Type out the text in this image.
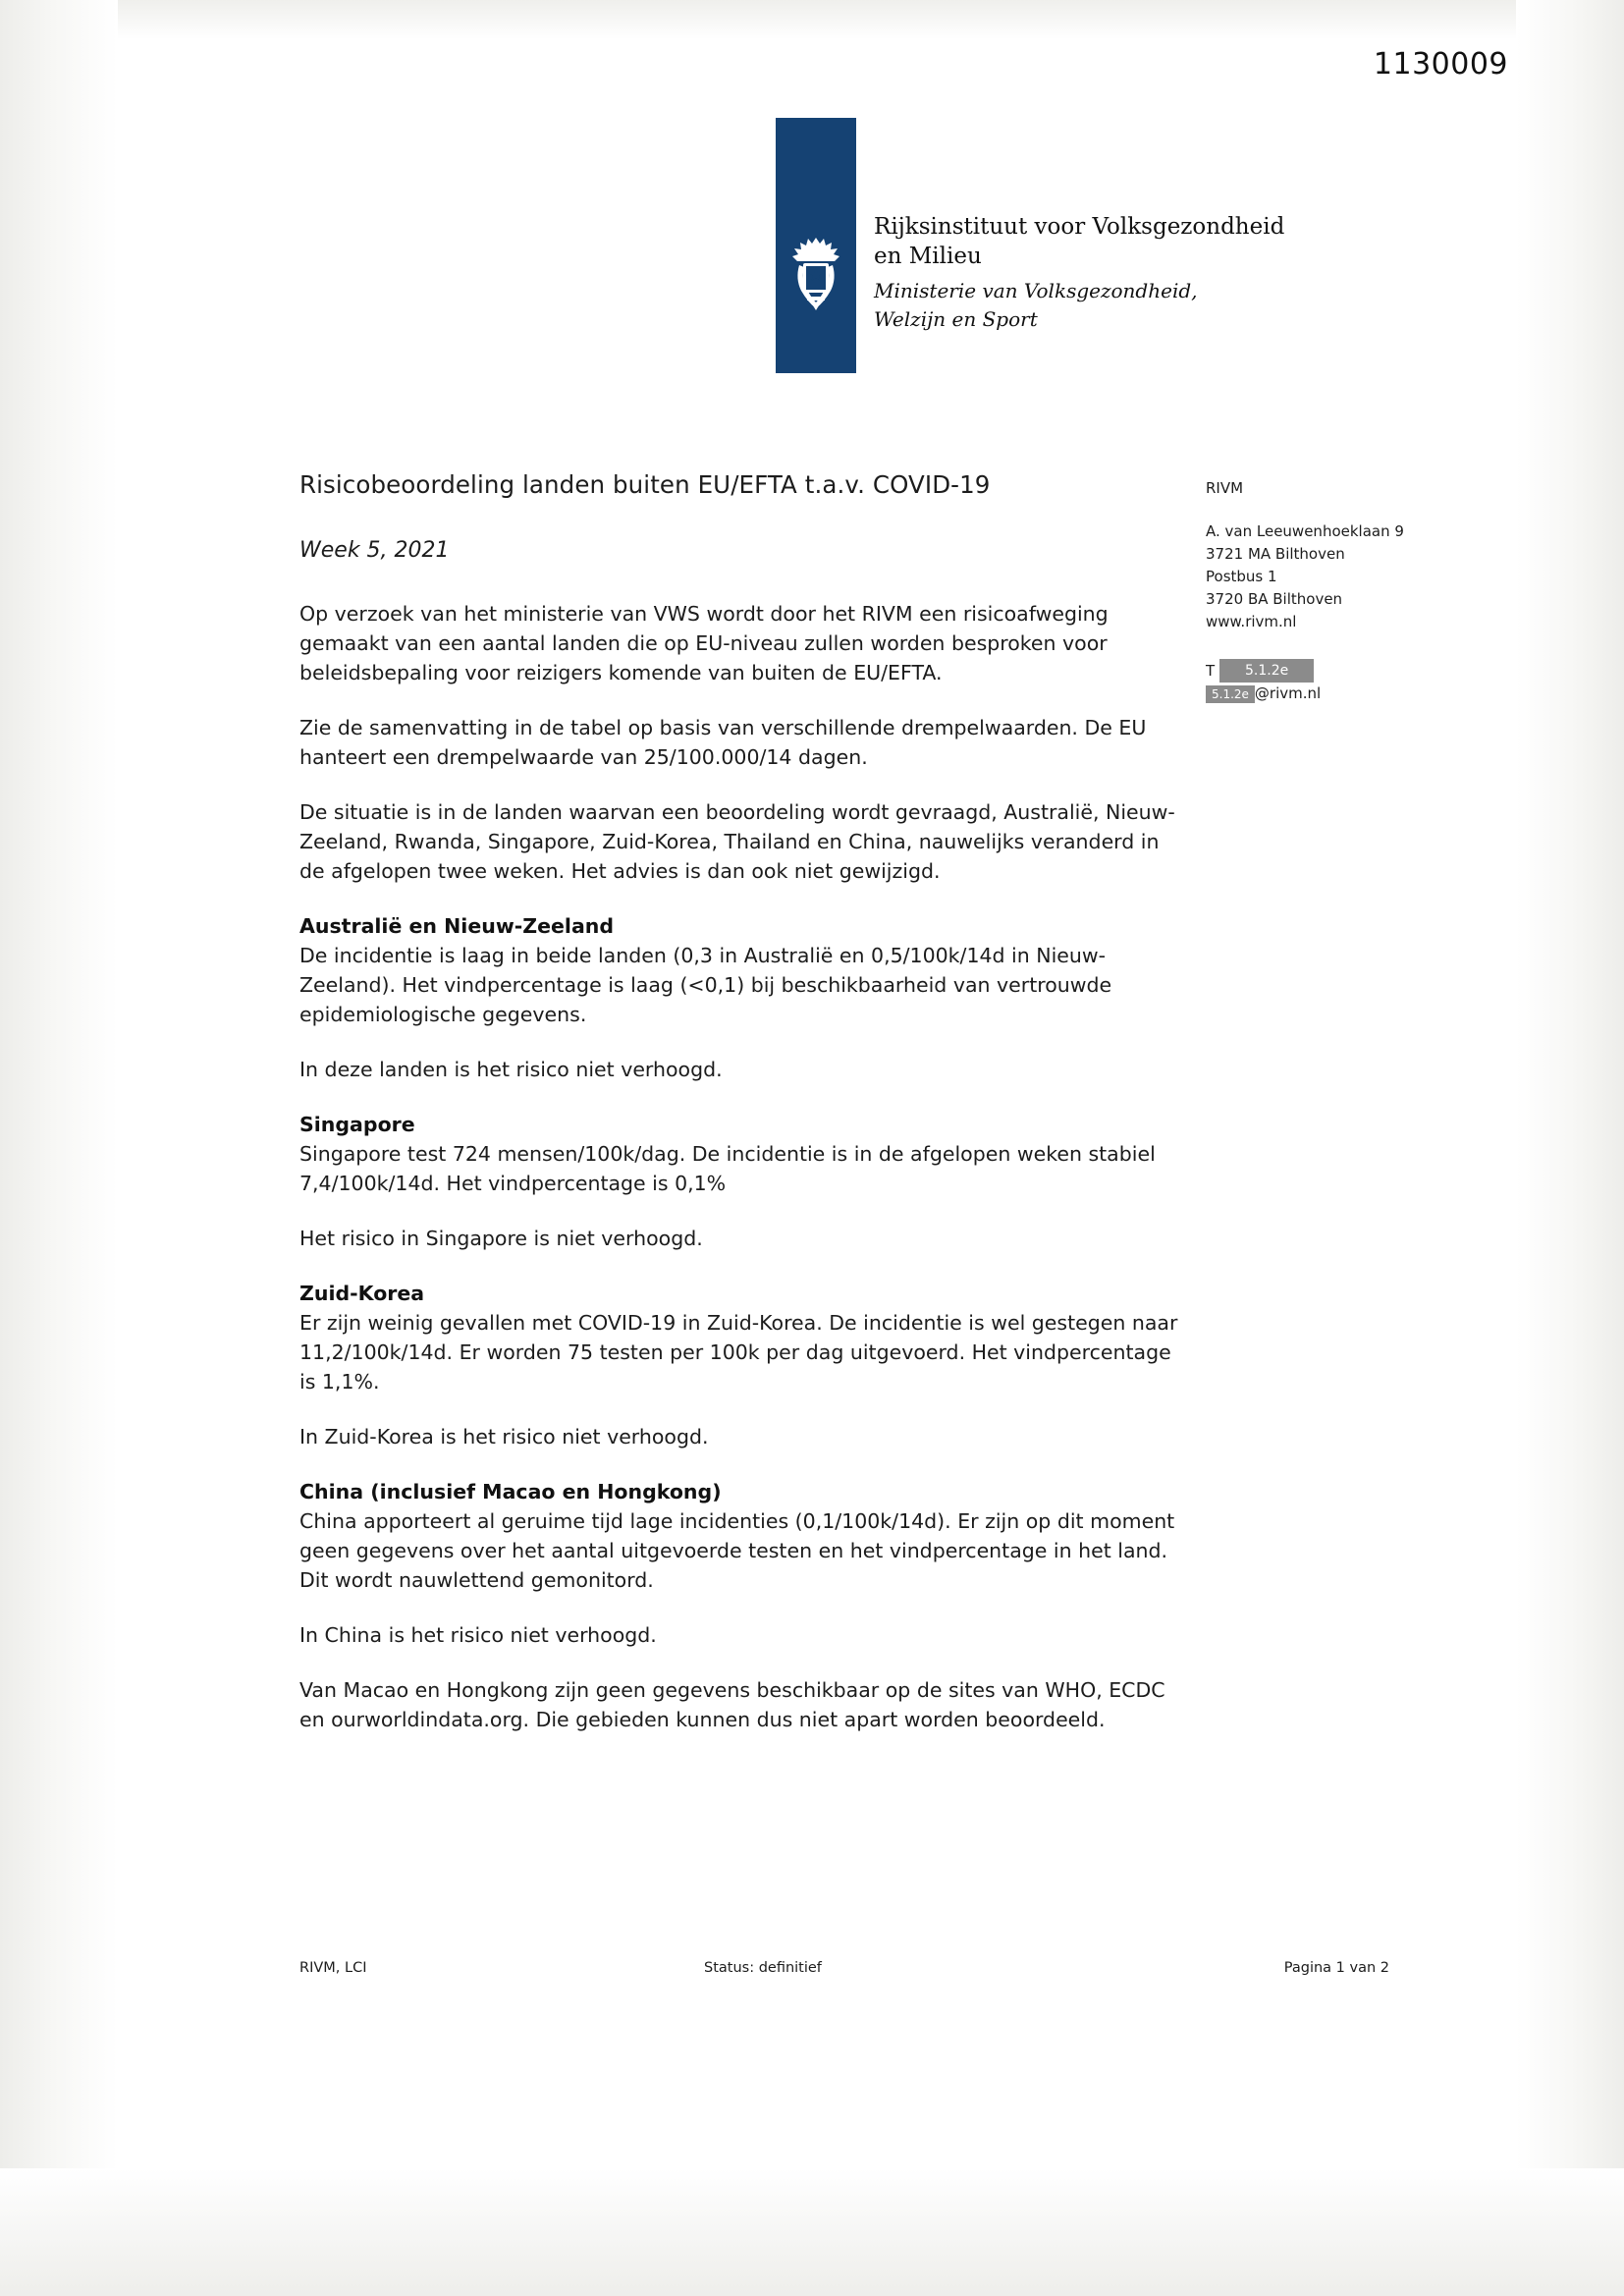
1130009
Rijksinstituut voor Volksgezondheid
en Milieu
Ministerie van Volksgezondheid,
Welzijn en Sport
RIVM
A. van Leeuwenhoeklaan 9
3721 MA Bilthoven
Postbus 1
3720 BA Bilthoven
www.rivm.nl
T 5.1.2e
5.1.2e @rivm.nl
Risicobeoordeling landen buiten EU/EFTA t.a.v. COVID-19
Week 5, 2021

Op verzoek van het ministerie van VWS wordt door het RIVM een risicoafweging gemaakt van een aantal landen die op EU-niveau zullen worden besproken voor beleidsbepaling voor reizigers komende van buiten de EU/EFTA.

Zie de samenvatting in de tabel op basis van verschillende drempelwaarden. De EU hanteert een drempelwaarde van 25/100.000/14 dagen.

De situatie is in de landen waarvan een beoordeling wordt gevraagd, Australië, Nieuw-Zeeland, Rwanda, Singapore, Zuid-Korea, Thailand en China, nauwelijks veranderd in de afgelopen twee weken. Het advies is dan ook niet gewijzigd.

Australië en Nieuw-Zeeland

De incidentie is laag in beide landen (0,3 in Australië en 0,5/100k/14d in Nieuw-Zeeland). Het vindpercentage is laag (<0,1) bij beschikbaarheid van vertrouwde epidemiologische gegevens.

In deze landen is het risico niet verhoogd.

Singapore

Singapore test 724 mensen/100k/dag. De incidentie is in de afgelopen weken stabiel 7,4/100k/14d. Het vindpercentage is 0,1%

Het risico in Singapore is niet verhoogd.

Zuid-Korea

Er zijn weinig gevallen met COVID-19 in Zuid-Korea. De incidentie is wel gestegen naar 11,2/100k/14d. Er worden 75 testen per 100k per dag uitgevoerd. Het vindpercentage is 1,1%.

In Zuid-Korea is het risico niet verhoogd.

China (inclusief Macao en Hongkong)

China apporteert al geruime tijd lage incidenties (0,1/100k/14d). Er zijn op dit moment geen gegevens over het aantal uitgevoerde testen en het vindpercentage in het land. Dit wordt nauwlettend gemonitord.

In China is het risico niet verhoogd.

Van Macao en Hongkong zijn geen gegevens beschikbaar op de sites van WHO, ECDC en ourworldindata.org. Die gebieden kunnen dus niet apart worden beoordeeld.

RIVM, LCI	Status: definitief	Pagina 1 van 2
